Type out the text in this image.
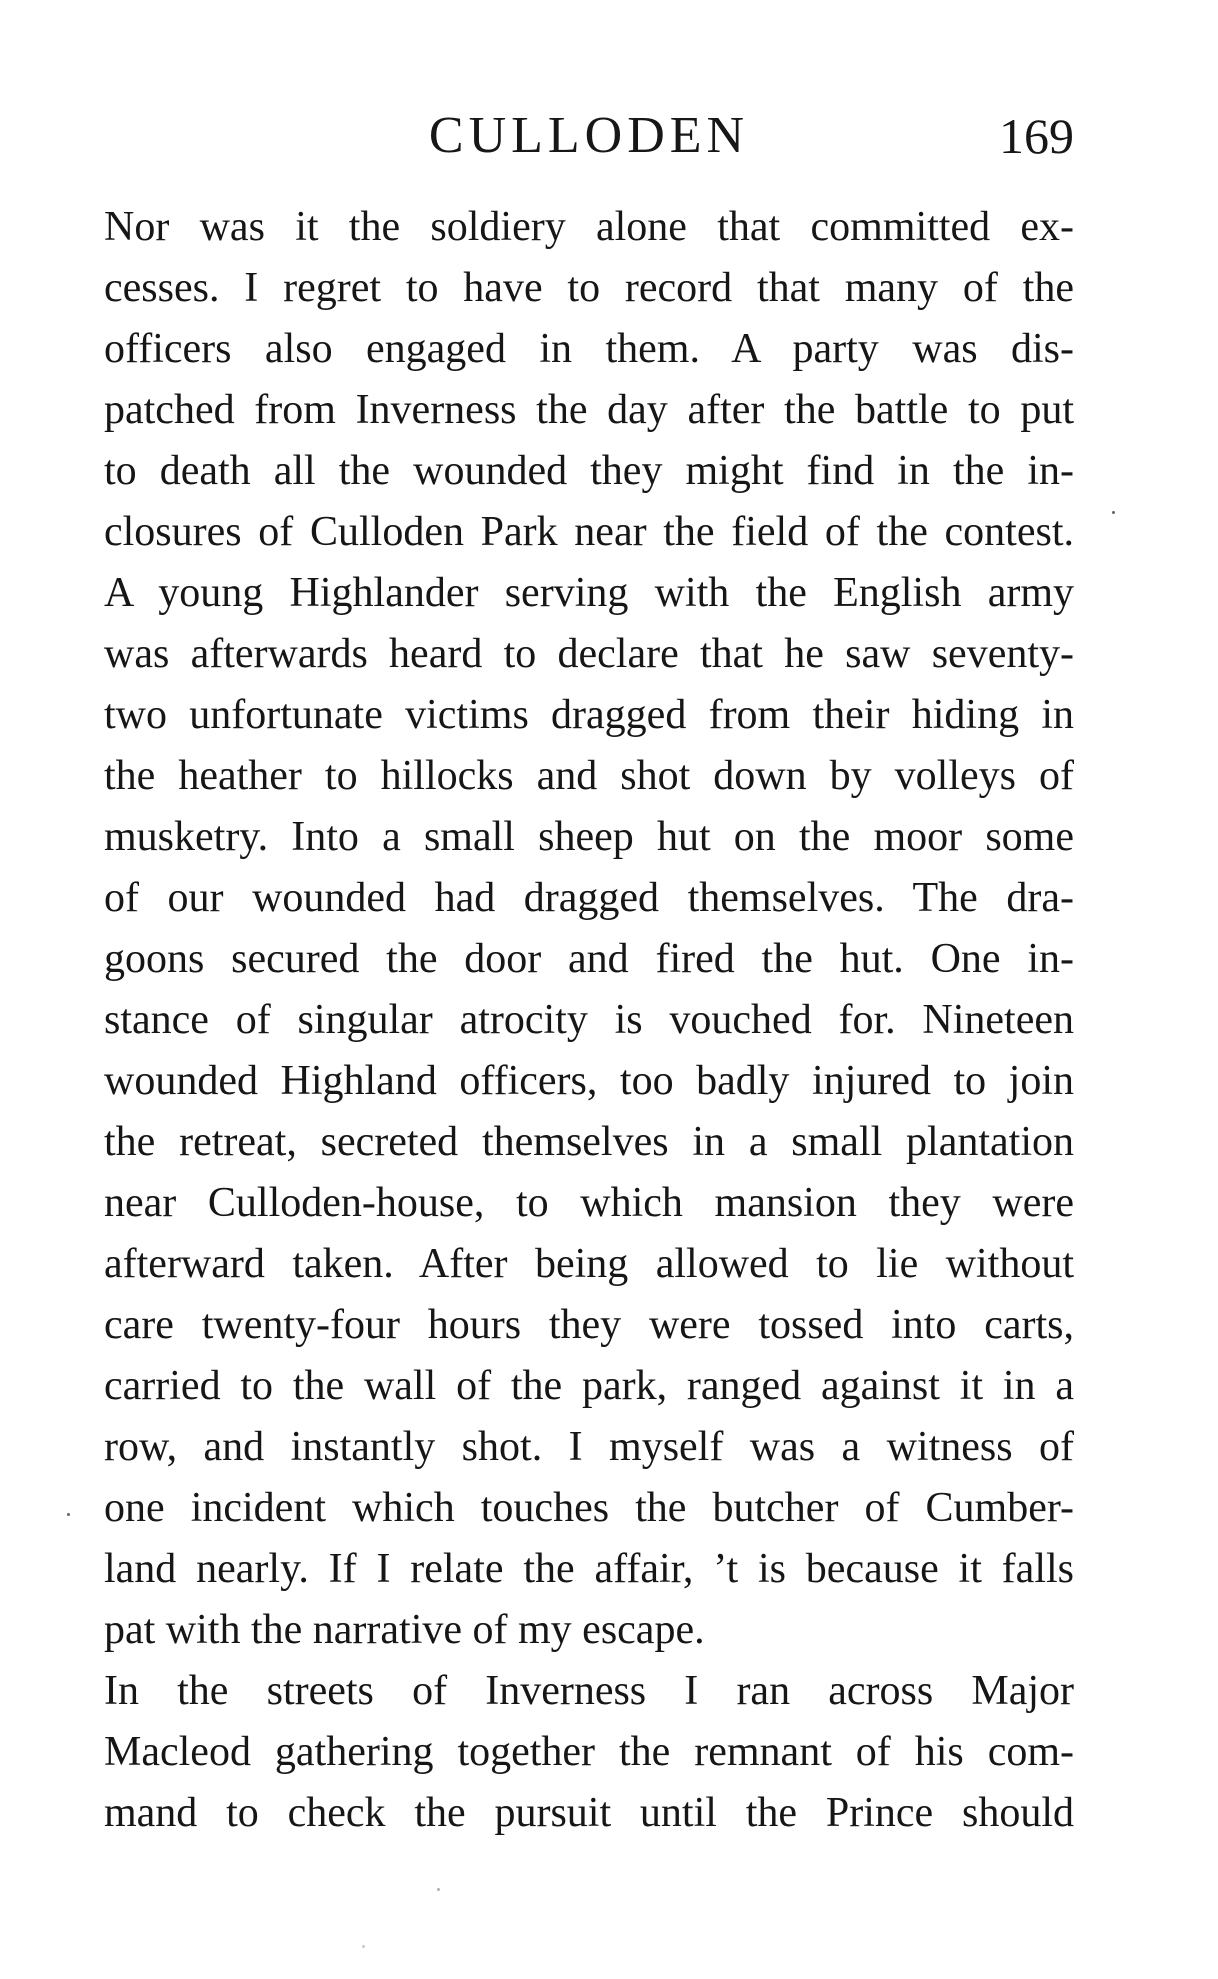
CULLODEN	169
Nor was it the soldiery alone that committed ex-
cesses. I regret to have to record that many of the
officers also engaged in them. A party was dis-
patched from Inverness the day after the battle to put
to death all the wounded they might find in the in-
closures of Culloden Park near the field of the contest.
A young Highlander serving with the English army
was afterwards heard to declare that he saw seventy-
two unfortunate victims dragged from their hiding in
the heather to hillocks and shot down by volleys of
musketry. Into a small sheep hut on the moor some
of our wounded had dragged themselves. The dra-
goons secured the door and fired the hut. One in-
stance of singular atrocity is vouched for. Nineteen
wounded Highland officers, too badly injured to join
the retreat, secreted themselves in a small plantation
near Culloden-house, to which mansion they were
afterward taken. After being allowed to lie without
care twenty-four hours they were tossed into carts,
carried to the wall of the park, ranged against it in a
row, and instantly shot. I myself was a witness of
one incident which touches the butcher of Cumber-
land nearly. If I relate the affair, ’t is because it falls
pat with the narrative of my escape.
In the streets of Inverness I ran across Major
Macleod gathering together the remnant of his com-
mand to check the pursuit until the Prince should
